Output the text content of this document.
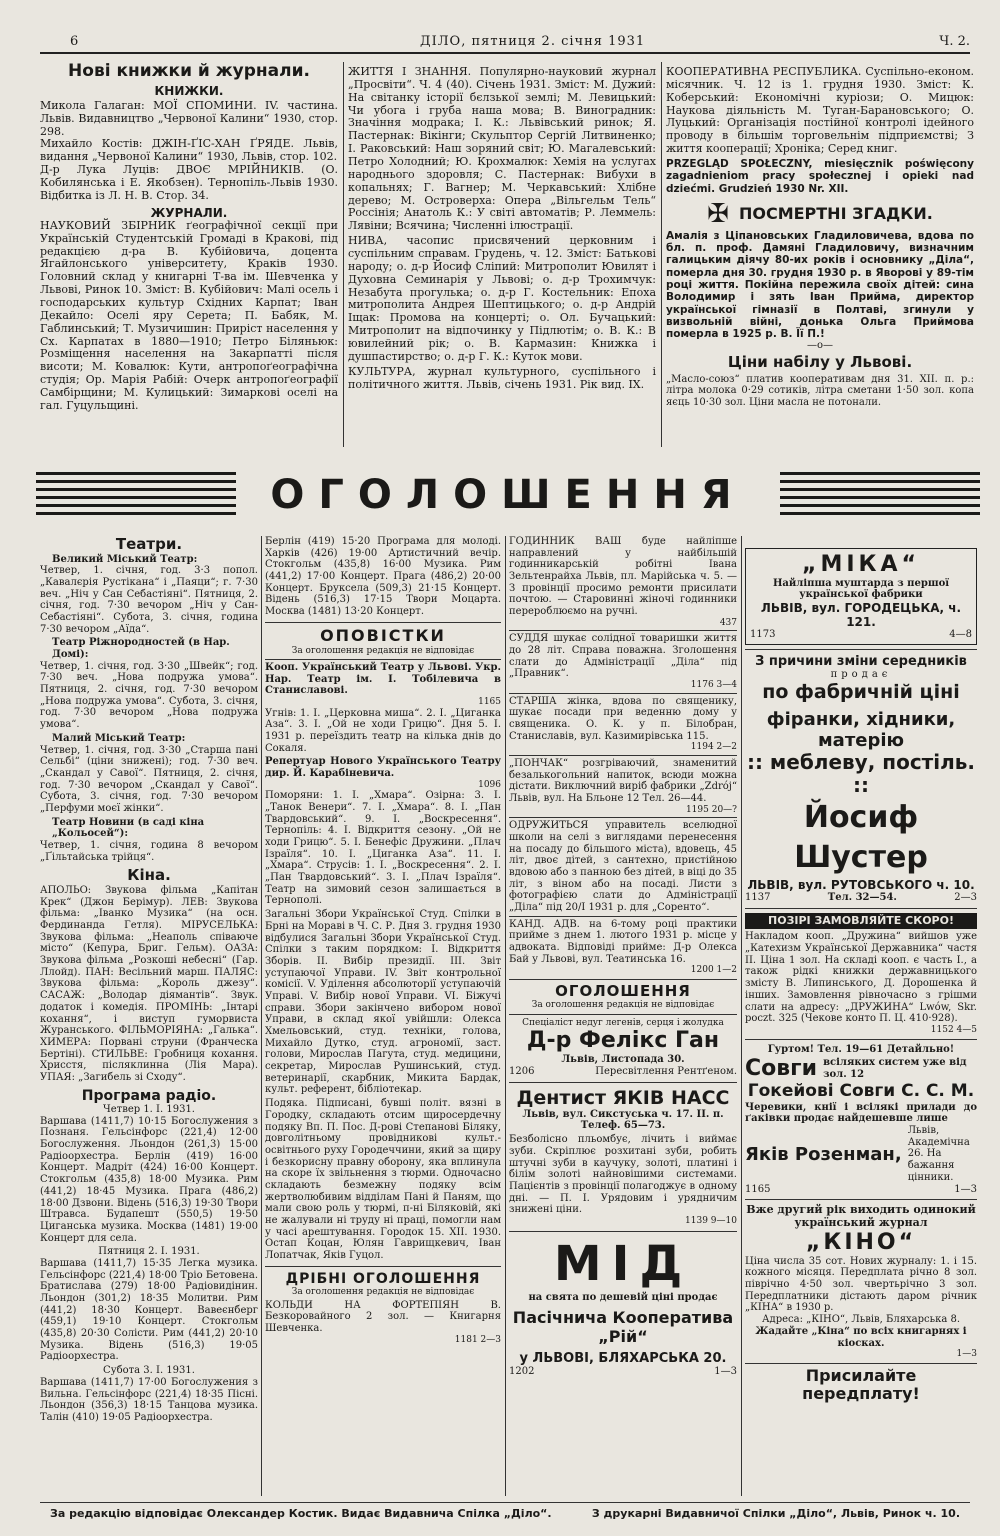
6	ДІЛО, пятниця 2. січня 1931	Ч. 2.
Нові книжки й журнали.
КНИЖКИ.

Микола Галаган: МОЇ СПОМИНИ. IV. частина. Львів. Видавництво „Червоної Калини“ 1930, стор. 298.

Михайло Костів: ДЖІН-ҐІС-ХАН ҐРЯДЕ. Львів, видання „Червоної Калини“ 1930, Львів, стор. 102.

Д-р Лука Луців: ДВОЄ МРІЙНИКІВ. (О. Кобилянська і Е. Якобзен). Тернопіль-Львів 1930. Відбитка із Л. Н. В. Стор. 34.

ЖУРНАЛИ.

НАУКОВИЙ ЗБІРНИК ґеографічної секції при Українській Студентській Громаді в Кракові, під редакцією д-ра В. Кубійовича, доцента Ягайлонського університету, Краків 1930. Головний склад у книгарні Т-ва ім. Шевченка у Львові, Ринок 10. Зміст: В. Кубійович: Малі осель і господарських культур Східних Карпат; Іван Декайло: Оселі яру Серета; П. Бабяк, М. Габлинський; Т. Музичишин: Приріст населення у Сх. Карпатах в 1880—1910; Петро Біляньюк: Розміщення населення на Закарпатті після висоти; М. Ковалюк: Кути, антропоґеографічна студія; Ор. Марія Рабій: Очерк антропоґеографії Самбірщини; М. Кулицький: Зимаркові оселі на гал. Гуцульщині.

ЖИТТЯ І ЗНАННЯ. Популярно-науковий журнал „Просвіти“. Ч. 4 (40). Січень 1931. Зміст: М. Дужий: На світанку історії бєлзької землі; М. Левицький: Чи убога і груба наша мова; В. Виноградник: Значіння модрака; І. К.: Львівський ринок; Я. Пастернак: Вікінги; Скульптор Сергій Литвиненко; І. Раковський: Наш зоряний світ; Ю. Магалевський: Петро Холодний; Ю. Крохмалюк: Хемія на услугах народнього здоровля; С. Пастернак: Вибухи в копальнях; Г. Вагнер; М. Черкавський: Хлібне дерево; М. Островерха: Опера „Вільгельм Тель“ Россінія; Анатоль К.: У світі автоматів; Р. Леммель: Лявіни; Всячина; Численні ілюстрації.

НИВА, часопис присвячений церковним і суспільним справам. Грудень, ч. 12. Зміст: Батькові народу; о. д-р Йосиф Сліпий: Митрополит Ювилят і Духовна Семинарія у Львові; о. д-р Трохимчук: Незабута прогулька; о. д-р Г. Костельник: Епоха митрополита Андрея Шептицького; о. д-р Андрій Іщак: Промова на концерті; о. Ол. Бучацький: Митрополит на відпочинку у Підлютім; о. В. К.: В ювилейний рік; о. В. Кармазин: Книжка і душпастирство; о. д-р Г. К.: Куток мови.

КУЛЬТУРА, журнал культурного, суспільного і політичного життя. Львів, січень 1931. Рік вид. IX.

КООПЕРАТИВНА РЕСПУБЛИКА. Суспільно-економ. місячник. Ч. 12 із 1. грудня 1930. Зміст: К. Коберський: Економічні куріози; О. Мицюк: Наукова діяльність М. Туган-Барановського; О. Луцький: Організація постійної контролі ідейного проводу в більшім торговельнім підприємстві; З життя кооперації; Хроніка; Серед книг.

PRZEGLĄD SPOŁECZNY, miesięcznik poświęcony zagadnieniom pracy społecznej i opieki nad dziećmi. Grudzień 1930 Nr. XII.

✠ ПОСМЕРТНІ ЗГАДКИ.

Амалія з Ціпановських Гладиловичева, вдова по бл. п. проф. Дамяні Гладиловичу, визначним галицьким діячу 80-их років і основнику „Діла“, померла дня 30. грудня 1930 р. в Яворові у 89-тім році життя. Покійна пережила своїх дітей: сина Володимир і зять Іван Прийма, директор української гімназії в Полтаві, згинули у визвольній війні, донька Ольга Приймова померла в 1925 р. В. Її П.!

—о—
Ціни набілу у Львові.

„Масло-союз“ платив кооперативам дня 31. XII. п. р.: літра молока 0·29 сотиків, літра сметани 1·50 зол. копа яєць 10·30 зол. Ціни масла не потонали.

ОГОЛОШЕННЯ
Театри.
Великий Міський Театр:

Четвер, 1. січня, год. 3·3 попол. „Кавалєрія Рустікана“ і „Паяци“; г. 7·30 веч. „Ніч у Сан Себастіяні“. Пятниця, 2. січня, год. 7·30 вечором „Ніч у Сан-Себастіяні“. Субота, 3. січня, година 7·30 вечором „Аїда“.

Театр Ріжнородностей (в Нар. Домі):

Четвер, 1. січня, год. 3·30 „Швейк“; год. 7·30 веч. „Нова подружа умова“. Пятниця, 2. січня, год. 7·30 вечором „Нова подружа умова“. Субота, 3. січня, год. 7·30 вечором „Нова подружа умова“.

Малий Міський Театр:

Четвер, 1. січня, год. 3·30 „Старша пані Сельбі“ (ціни знижені); год. 7·30 веч. „Скандал у Савої“. Пятниця, 2. січня, год. 7·30 вечором „Скандал у Савої“. Субота, 3. січня, год. 7·30 вечором „Перфуми моєї жінки“.

Театр Новини (в саді кіна „Кольосей“):

Четвер, 1. січня, година 8 вечором „Ґільтайська трійця“.

Кіна.

АПОЛЬО: Звукова фільма „Капітан Крек“ (Джон Берімур). ЛЕВ: Звукова фільма: „Іванко Музика“ (на осн. Фердинанда Гетля). МІРУСЕЛЬКА: Звукова фільма: „Неаполь співаюче місто“ (Кепура, Бриг. Гельм). ОАЗА: Звукова фільма „Розкоші небесні“ (Гар. Ллойд). ПАН: Весільний марш. ПАЛЯС: Звукова фільма: „Король джезу“. САСАЖ: „Володар діямантів“. Звук. додаток і комедія. ПРОМІНЬ: „Інтарі кохання“, і виступ гуморвиста Журанського. ФІЛЬМОРІЯНА: „Галька“. ХИМЕРА: Порвані струни (Франческа Бертіні). СТИЛЬВЕ: Гробниця кохання. Хрисстя, післяклинна (Лія Мара). УПАЯ: „Загибель зі Сходу“.

Програма радіо.
Четвер 1. І. 1931.

Варшава (1411,7) 10·15 Богослужения з Познаня. Гельсінфорс (221,4) 12·00 Богослуження. Льондон (261,3) 15·00 Радіоорхестра. Берлін (419) 16·00 Концерт. Мадріт (424) 16·00 Концерт. Стокгольм (435,8) 18·00 Музика. Рим (441,2) 18·45 Музика. Прага (486,2) 18·00 Дзвони. Відень (516,3) 19·30 Твори Штравса. Будапешт (550,5) 19·50 Циганська музика. Москва (1481) 19·00 Концерт для села.

Пятниця 2. І. 1931.

Варшава (1411,7) 15·35 Легка музика. Гельсінфорс (221,4) 18·00 Тріо Бетовена. Братислава (279) 18·00 Радіовидінин. Льондон (301,2) 18·35 Молитви. Рим (441,2) 18·30 Концерт. Вавеєнберг (459,1) 19·10 Концерт. Стокгольм (435,8) 20·30 Солісти. Рим (441,2) 20·10 Музика. Відень (516,3) 19·05 Радіоорхестра.

Субота 3. І. 1931.

Варшава (1411,7) 17·00 Богослужения з Вильна. Гельсінфорс (221,4) 18·35 Пісні. Льондон (356,3) 18·15 Танцова музика. Талін (410) 19·05 Радіоорхестра.

Берлін (419) 15·20 Програма для молоді. Харків (426) 19·00 Артистичний вечір. Стокгольм (435,8) 16·00 Музика. Рим (441,2) 17·00 Концерт. Прага (486,2) 20·00 Концерт. Бруксела (509,3) 21·15 Концерт. Відень (516,3) 17·15 Твори Моцарта. Москва (1481) 13·20 Концерт.

ОПОВІСТКИ
За оголошення редакція не відповідає

Кооп. Український Театр у Львові. Укр. Нар. Театр ім. І. Тобілевича в Станиславові.

1165

Угнів: 1. I. „Церковна миша“. 2. I. „Циганка Аза“. 3. I. „Ой не ходи Грицю“. Дня 5. I. 1931 р. переїздить театр на кілька днів до Сокаля.

Репертуар Нового Українського Театру дир. Й. Карабіневича.

1096

Поморяни: 1. I. „Хмара“. Озірна: 3. I. „Танок Венери“. 7. I. „Хмара“. 8. I. „Пан Твардовський“. 9. I. „Воскресення“. Тернопіль: 4. I. Відкриття сезону. „Ой не ходи Грицю“. 5. I. Бенефіс Дружини. „Плач Ізраїля“. 10. I. „Циганка Аза“. 11. I. „Хмара“. Струсів: 1. I. „Воскресення“. 2. I. „Пан Твардовський“. 3. I. „Плач Ізраїля“. Театр на зимовий сезон залишається в Тернополі.

Загальні Збори Української Студ. Спілки в Брні на Мораві в Ч. С. Р. Дня 3. грудня 1930 відбулися Загальні Збори Української Студ. Спілки з таким порядком: I. Відкриття Зборів. II. Вибір президії. III. Звіт уступаючої Управи. IV. Звіт контрольної комісії. V. Уділення абсолюторії уступаючій Управі. V. Вибір нової Управи. VI. Біжучі справи. Збори закінчено вибором нової Управи, в склад якої увійшли: Олекса Хмельовський, студ. техніки, голова, Михайло Дутко, студ. агрономії, заст. голови, Мирослав Пагута, студ. медицини, секретар, Мирослав Рушинський, студ. ветеринарії, скарбник, Микита Бардак, культ. референт, бібліотекар.

Подяка. Підписані, бувші політ. вязні в Городку, складають отсим щиросердечну подяку Вп. П. Пос. Д-рові Степанові Біляку, довголітньому провідникові культ.-освітнього руху Городеччини, який за щиру і безкорисну правну оборону, яка вплинула на скоре їх звільнення з тюрми. Одночасно складають безмежну подяку всім жертволюбивим відділам Пані й Паням, що мали свою роль у тюрмі, п-ні Біляковій, які не жалували ні труду ні праці, помогли нам у часі арештування. Городок 15. XII. 1930. Остап Коцан, Юлян Гаврищкевич, Іван Лопатчак, Яків Гуцол.

ДРІБНІ ОГОЛОШЕННЯ
За оголошення редакція не відповідає

КОЛЬДИ НА ФОРТЕПІЯН В. Безкоровайного 2 зол. — Книгарня Шевченка.

1181 2—3

ГОДИННИК ВАШ буде найліпше направлений у найбільшій годинникарській робітні Івана Зельтенрайха Львів, пл. Марійська ч. 5. — З провінції просимо ремонти присилати почтою. — Старовинні жіночі годинники перероблюємо на ручні.

437

СУДДЯ шукає солідної товаришки життя до 28 літ. Справа поважна. Зголошення слати до Адміністрації „Діла“ під „Правник“.

1176 3—4

СТАРША жінка, вдова по священику, шукає посади при веденню дому у священика. О. К. у п. Білобран, Станиславів, вул. Казимирівська 115.

1194 2—2

„ПОНЧАК“ розгріваючий, знаменитий безалькогольний напиток, всюди можна дістати. Виключний виріб фабрики „Zdrój“ Львів, вул. На Бльоне 12 Тел. 26—44.

1195 20—?

ОДРУЖИТЬСЯ управитель вселюдної школи на селі з виглядами перенесення на посаду до більшого міста), вдовець, 45 літ, двоє дітей, з сантехно, пристійною вдовою або з панною без дітей, в віці до 35 літ, з віном або на посаді. Листи з фотографією слати до Адміністрації „Діла“ під 20/I 1931 р. для „Соренто“.

КАНД. АДВ. на 6-тому році практики прийме з днем 1. лютого 1931 р. місце у адвоката. Відповіді прийме: Д-р Олекса Бай у Львові, вул. Театинська 16.

1200 1—2
ОГОЛОШЕННЯ
За оголошення редакція не відповідає
Спеціаліст недуг легенів, серця і жолудка
Д-р Фелікс Ган
Львів, Листопада 30.
1206	Пересвітлення Рентґеном.
Дентист ЯКІВ НАСС
Львів, вул. Сикстуська ч. 17. II. п.
Телеф. 65—73.

Безболісно пльомбує, лічить і виймає зуби. Скріплює розхитані зуби, робить штучні зуби в каучуку, золоті, платині і білім золоті найновішими системами. Пацієнтів з провінції полагоджує в одному дні. — П. І. Урядовим і урядничим знижені ціни.

1139 9—10
МІД
на свята по дешевій ціні продає
Пасічнича Кооператива „Рій“
у ЛЬВОВІ, БЛЯХАРСЬКА 20.
1202	1—3
„МІКА“
Найліпша муштарда з першої української фабрики
ЛЬВІВ, вул. ГОРОДЕЦЬКА, ч. 121.
1173	4—8
З причини зміни середників
продає
по фабричній ціні
фіранки, хідники, матерію
:: меблеву, постіль. ::
Йосиф Шустер
ЛЬВІВ, вул. РУТОВСЬКОГО ч. 10.
1137	Тел. 32—54.	2—3
ПОЗІРІ ЗАМОВЛЯЙТЕ СКОРО!

Накладом кооп. „Дружина“ вийшов уже „Катехизм Української Державника“ частя II. Ціна 1 зол. На складі кооп. є часть I., а також рідкі книжки державницького змісту В. Липинського, Д. Дорошенка й інших. Замовлення рівночасно з грішми слати на адресу: „ДРУЖИНА“ Lwów, Skr. poczt. 325 (Чекове конто П. Ц. 410·928).

1152 4—5
Гуртом! Тел. 19—61 Детайльно!
Совги всіляких систем уже від зол. 12
Гокейові Совги С. С. М.

Черевики, кнії і всілякі прилади до ґаківки продає найдешевше лише

Яків Розенман,
Львів, Академічна 26. На бажання цінники.
1165	1—3
Вже другий рік виходить одинокий український журнал
„КІНО“

Ціна числа 35 сот. Нових журналу: 1. і 15. кожного місяця. Передплата річно 8 зол. піврічно 4·50 зол. чвертьрічно 3 зол. Передплатники дістають даром річник „КІНА“ в 1930 р.

Адреса: „КІНО“, Львів, Бляхарська 8.
Жадайте „Кіна“ по всіх книгарнях і кіосках.
1—3
Присилайте передплату!
За редакцію відповідає Олександер Костик. Видає Видавнича Спілка „Діло“.	З друкарні Видавничої Спілки „Діло“, Львів, Ринок ч. 10.
